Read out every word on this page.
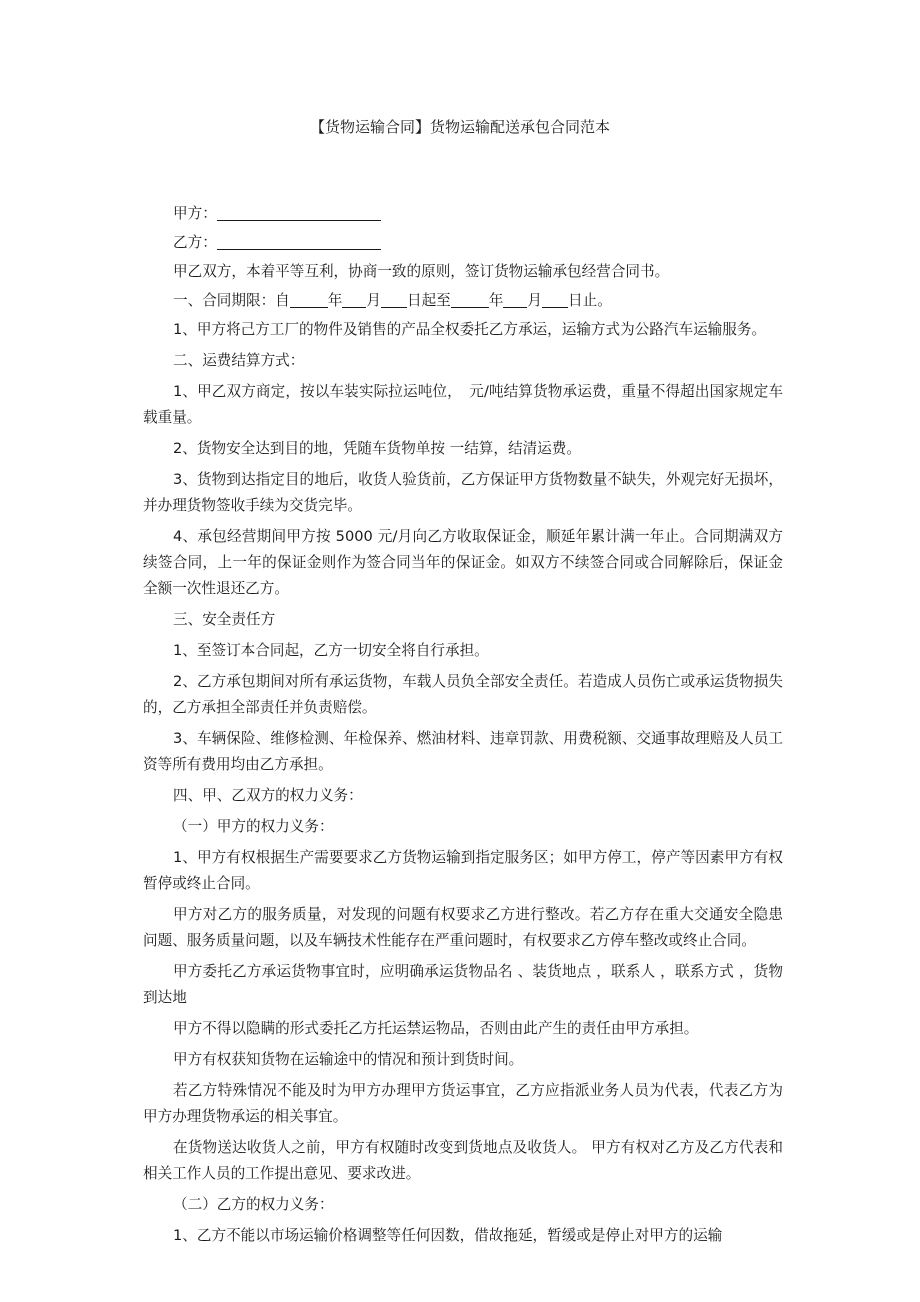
【货物运输合同】货物运输配送承包合同范本
甲方：
乙方：
甲乙双方，本着平等互利，协商一致的原则，签订货物运输承包经营合同书。
一、合同期限：自	年 月 日起至	年 月 日止。
1、甲方将己方工厂的物件及销售的产品全权委托乙方承运，运输方式为公路汽车运输服务。
二、运费结算方式：
1、甲乙双方商定，按以车装实际拉运吨位，　元/吨结算货物承运费，重量不得超出国家规定车载重量。
2、货物安全达到目的地，凭随车货物单按 一结算，结清运费。
3、货物到达指定目的地后，收货人验货前，乙方保证甲方货物数量不缺失，外观完好无损坏，并办理货物签收手续为交货完毕。
4、承包经营期间甲方按 5000 元/月向乙方收取保证金，顺延年累计满一年止。合同期满双方续签合同，上一年的保证金则作为签合同当年的保证金。如双方不续签合同或合同解除后，保证金全额一次性退还乙方。
三、安全责任方
1、至签订本合同起，乙方一切安全将自行承担。
2、乙方承包期间对所有承运货物，车载人员负全部安全责任。若造成人员伤亡或承运货物损失的，乙方承担全部责任并负责赔偿。
3、车辆保险、维修检测、年检保养、燃油材料、违章罚款、用费税额、交通事故理赔及人员工资等所有费用均由乙方承担。
四、甲、乙双方的权力义务：
（一）甲方的权力义务：
1、甲方有权根据生产需要要求乙方货物运输到指定服务区；如甲方停工，停产等因素甲方有权暂停或终止合同。
甲方对乙方的服务质量，对发现的问题有权要求乙方进行整改。若乙方存在重大交通安全隐患问题、服务质量问题，以及车辆技术性能存在严重问题时，有权要求乙方停车整改或终止合同。
甲方委托乙方承运货物事宜时，应明确承运货物品名 、装货地点 ，联系人 ，联系方式 ，货物到达地
甲方不得以隐瞒的形式委托乙方托运禁运物品，否则由此产生的责任由甲方承担。
甲方有权获知货物在运输途中的情况和预计到货时间。
若乙方特殊情况不能及时为甲方办理甲方货运事宜，乙方应指派业务人员为代表，代表乙方为甲方办理货物承运的相关事宜。
在货物送达收货人之前，甲方有权随时改变到货地点及收货人。 甲方有权对乙方及乙方代表和相关工作人员的工作提出意见、要求改进。
（二）乙方的权力义务：
1、乙方不能以市场运输价格调整等任何因数，借故拖延，暂缓或是停止对甲方的运输
